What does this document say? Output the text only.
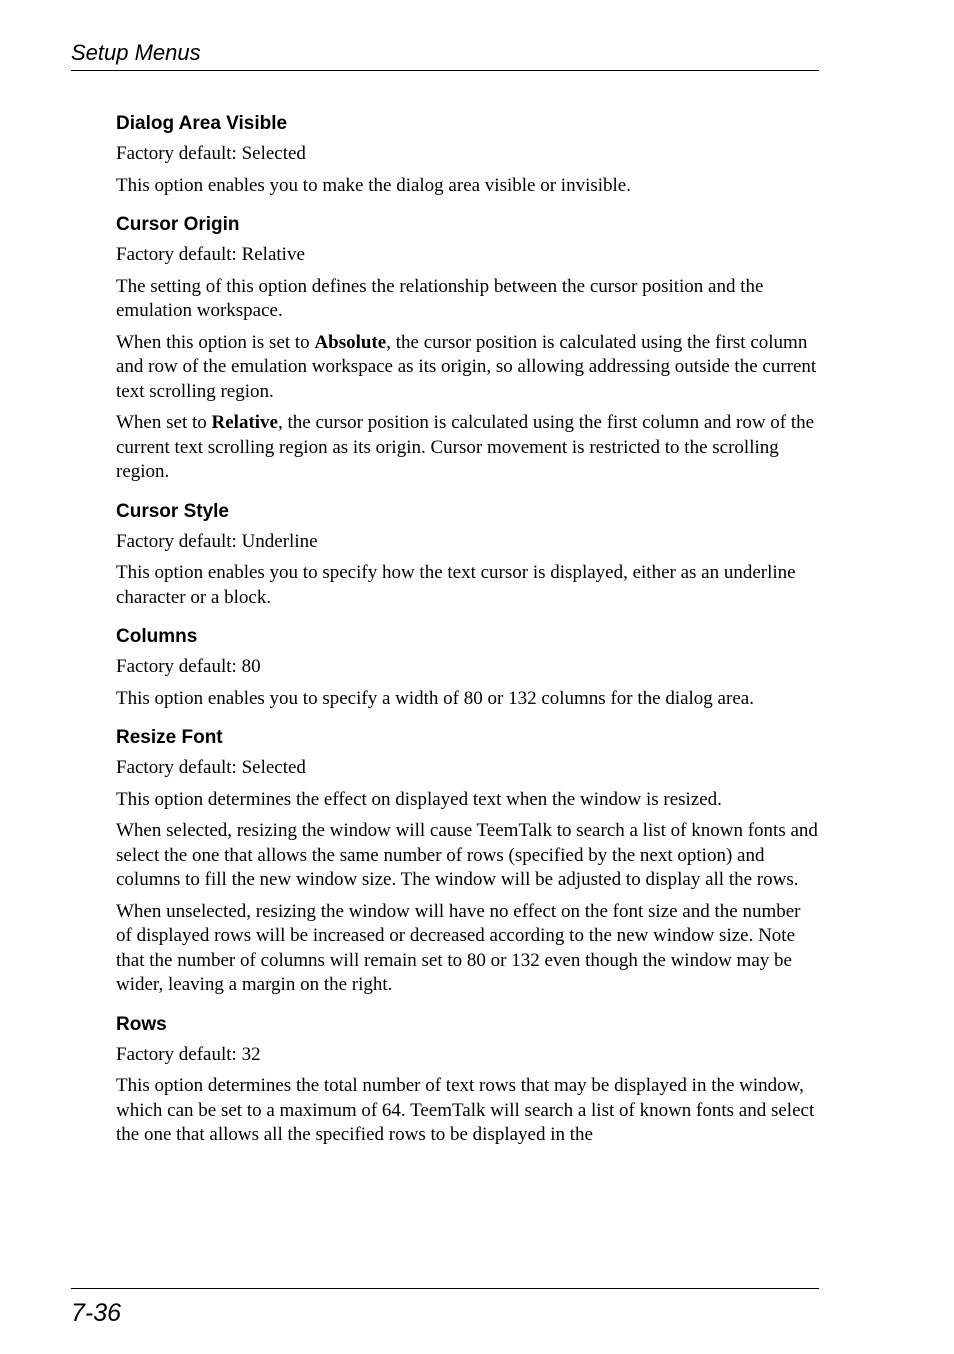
Setup Menus
Dialog Area Visible

Factory default: Selected

This option enables you to make the dialog area visible or invisible.

Cursor Origin

Factory default: Relative

The setting of this option defines the relationship between the cursor position and the emulation workspace.

When this option is set to Absolute, the cursor position is calculated using the first column and row of the emulation workspace as its origin, so allowing addressing outside the current text scrolling region.

When set to Relative, the cursor position is calculated using the first column and row of the current text scrolling region as its origin. Cursor movement is restricted to the scrolling region.

Cursor Style

Factory default: Underline

This option enables you to specify how the text cursor is displayed, either as an underline character or a block.

Columns

Factory default: 80

This option enables you to specify a width of 80 or 132 columns for the dialog area.

Resize Font

Factory default: Selected

This option determines the effect on displayed text when the window is resized.

When selected, resizing the window will cause TeemTalk to search a list of known fonts and select the one that allows the same number of rows (specified by the next option) and columns to fill the new window size. The window will be adjusted to display all the rows.

When unselected, resizing the window will have no effect on the font size and the number of displayed rows will be increased or decreased according to the new window size. Note that the number of columns will remain set to 80 or 132 even though the window may be wider, leaving a margin on the right.

Rows

Factory default: 32

This option determines the total number of text rows that may be displayed in the window, which can be set to a maximum of 64. TeemTalk will search a list of known fonts and select the one that allows all the specified rows to be displayed in the

7-36
